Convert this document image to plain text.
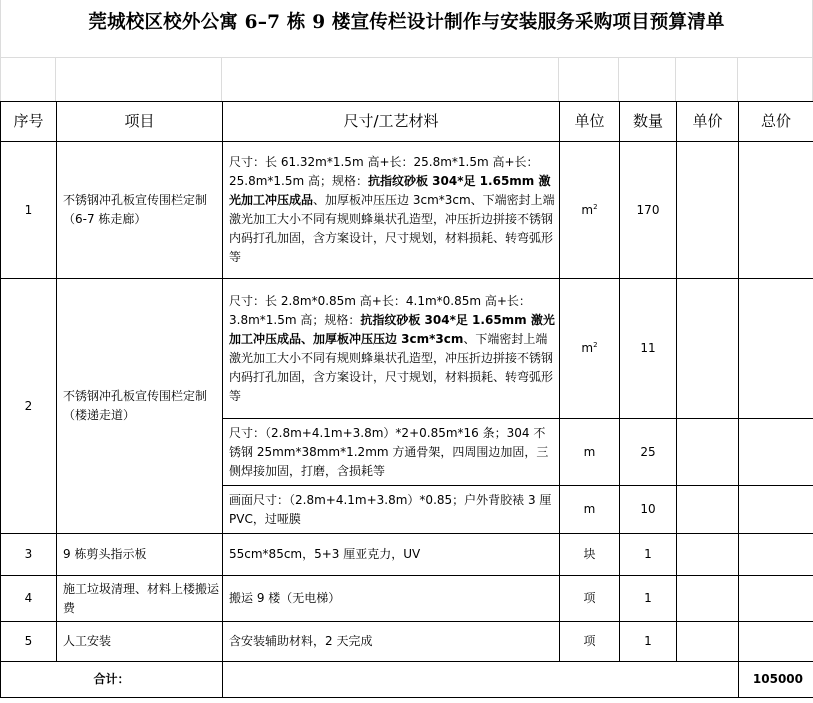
莞城校区校外公寓 6–7 栋 9 楼宣传栏设计制作与安装服务采购项目预算清单
序号	项目	尺寸/工艺材料	单位	数量	单价	总价
1	不锈钢冲孔板宣传围栏定制（6-7 栋走廊）	尺寸：长 61.32m*1.5m 高+长：25.8m*1.5m 高+长：25.8m*1.5m 高；规格：抗指纹砂板 304*足 1.65mm 激光加工冲压成品、加厚板冲压压边 3cm*3cm、下端密封上端激光加工大小不同有规则蜂巢状孔造型，冲压折边拼接不锈钢内码打孔加固，含方案设计，尺寸规划，材料损耗、转弯弧形等	$m^2$	170		
2	不锈钢冲孔板宣传围栏定制（楼递走道）	尺寸：长 2.8m*0.85m 高+长：4.1m*0.85m 高+长：3.8m*1.5m 高；规格：抗指纹砂板 304*足 1.65mm 激光加工冲压成品、加厚板冲压压边 3cm*3cm、下端密封上端激光加工大小不同有规则蜂巢状孔造型，冲压折边拼接不锈钢内码打孔加固，含方案设计，尺寸规划，材料损耗、转弯弧形等	$m^2$	11		
		尺寸：（2.8m+4.1m+3.8m）*2+0.85m*16 条；304 不锈钢 25mm*38mm*1.2mm 方通骨架，四周围边加固，三侧焊接加固，打磨，含损耗等	m	25		
		画面尺寸：（2.8m+4.1m+3.8m）*0.85；户外背胶裱 3 厘 PVC，过哑膜	m	10		
3	9 栋剪头指示板	55cm*85cm，5+3 厘亚克力，UV	块	1		
4	施工垃圾清理、材料上楼搬运费	搬运 9 楼（无电梯）	项	1		
5	人工安装	含安装辅助材料，2 天完成	项	1		
合计：						105000
